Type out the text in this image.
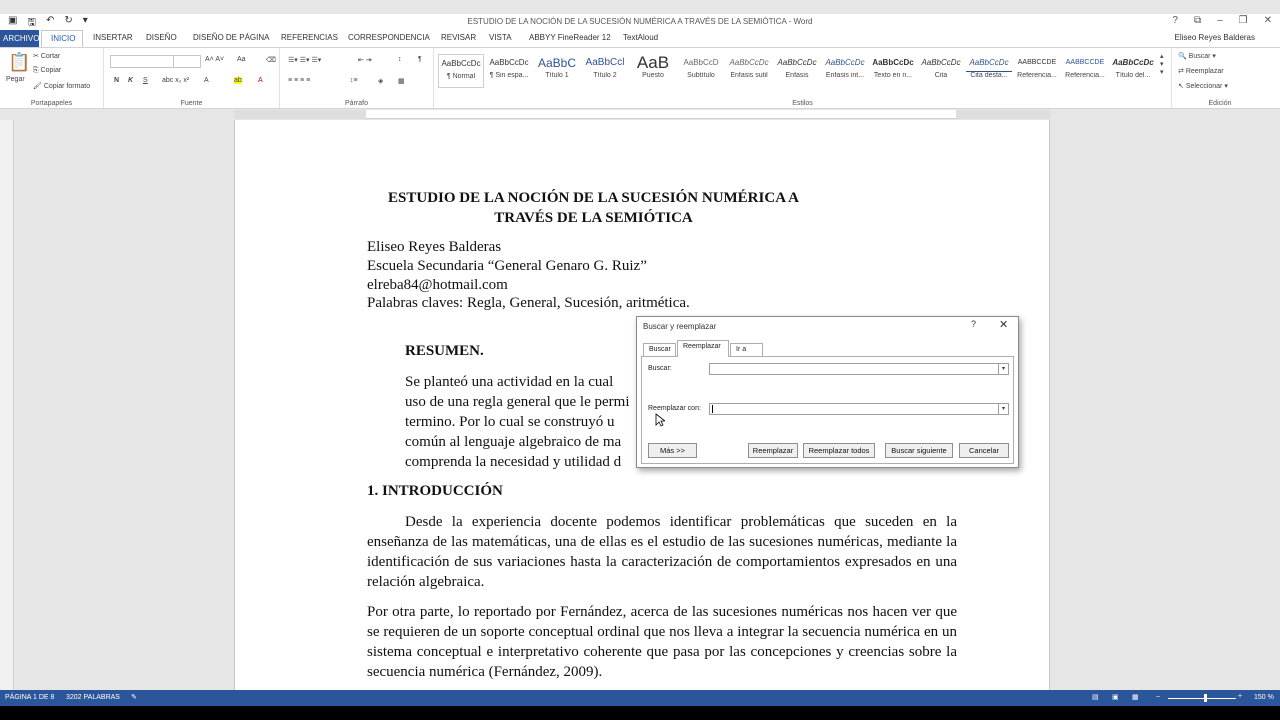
▣ 🖫 ↶ ↻ ▾	ESTUDIO DE LA NOCIÓN DE LA SUCESIÓN NUMÉRICA A TRAVÉS DE LA SEMIÓTICA - Word	? ⧉ – ❐ ✕
ARCHIVO	INICIO	INSERTAR DISEÑO DISEÑO DE PÁGINA REFERENCIAS CORRESPONDENCIA REVISAR VISTA ABBYY FineReader 12 TextAloud	Eliseo Reyes Balderas
📋
Pegar
✂ Cortar
⎘ Copiar
🖌 Copiar formato
Portapapeles
A˄ A˅ Aa	⌫
N K S abc x₂ x² A	ab A
Fuente
☰▾ ☰▾ ☰▾	⇤ ⇥	↕ ¶
≡ ≡ ≡ ≡	↕≡	◈ ▦
Párrafo
AaBbCcDc
¶ Normal
AaBbCcDc
¶ Sin espa...
AaBbC
Título 1
AaBbCcl
Título 2
AaB
Puesto
AaBbCcD
Subtítulo
AaBbCcDc
Énfasis sutil
AaBbCcDc
Énfasis
AaBbCcDc
Énfasis int...
AaBbCcDc
Texto en n...
AaBbCcDc
Cita
AaBbCcDc
Cita desta...
AABBCCDE
Referencia...
AABBCCDE
Referencia...
AaBbCcDc
Título del...
▴
▾
▾
Estilos
🔍 Buscar ▾
⇄ Reemplazar
↖ Seleccionar ▾
Edición
ESTUDIO DE LA NOCIÓN DE LA SUCESIÓN NUMÉRICA A TRAVÉS DE LA SEMIÓTICA
Eliseo Reyes Balderas
Escuela Secundaria “General Genaro G. Ruiz”
elreba84@hotmail.com
Palabras claves: Regla, General, Sucesión, aritmética.
RESUMEN.
Se planteó una actividad en la cual
uso de una regla general que le permi
termino. Por lo cual se construyó u
común al lenguaje algebraico de ma
comprenda la necesidad y utilidad d
1. INTRODUCCIÓN
Desde la experiencia docente podemos identificar problemáticas que suceden en la enseñanza de las matemáticas, una de ellas es el estudio de las sucesiones numéricas, mediante la identificación de sus variaciones hasta la caracterización de comportamientos expresados en una relación algebraica.
Por otra parte, lo reportado por Fernández, acerca de las sucesiones numéricas nos hacen ver que se requieren de un soporte conceptual ordinal que nos lleva a integrar la secuencia numérica en un sistema conceptual e interpretativo coherente que pasa por las concepciones y creencias sobre la secuencia numérica (Fernández, 2009).
Buscar y reemplazar	? ✕
Buscar	Reemplazar	Ir a
Buscar:	▾
Reemplazar con:	▾
Más >>	Reemplazar	Reemplazar todos	Buscar siguiente	Cancelar
PÁGINA 1 DE 8 3202 PALABRAS ✎	▤ ▣ ▦ –	+ 150 %
